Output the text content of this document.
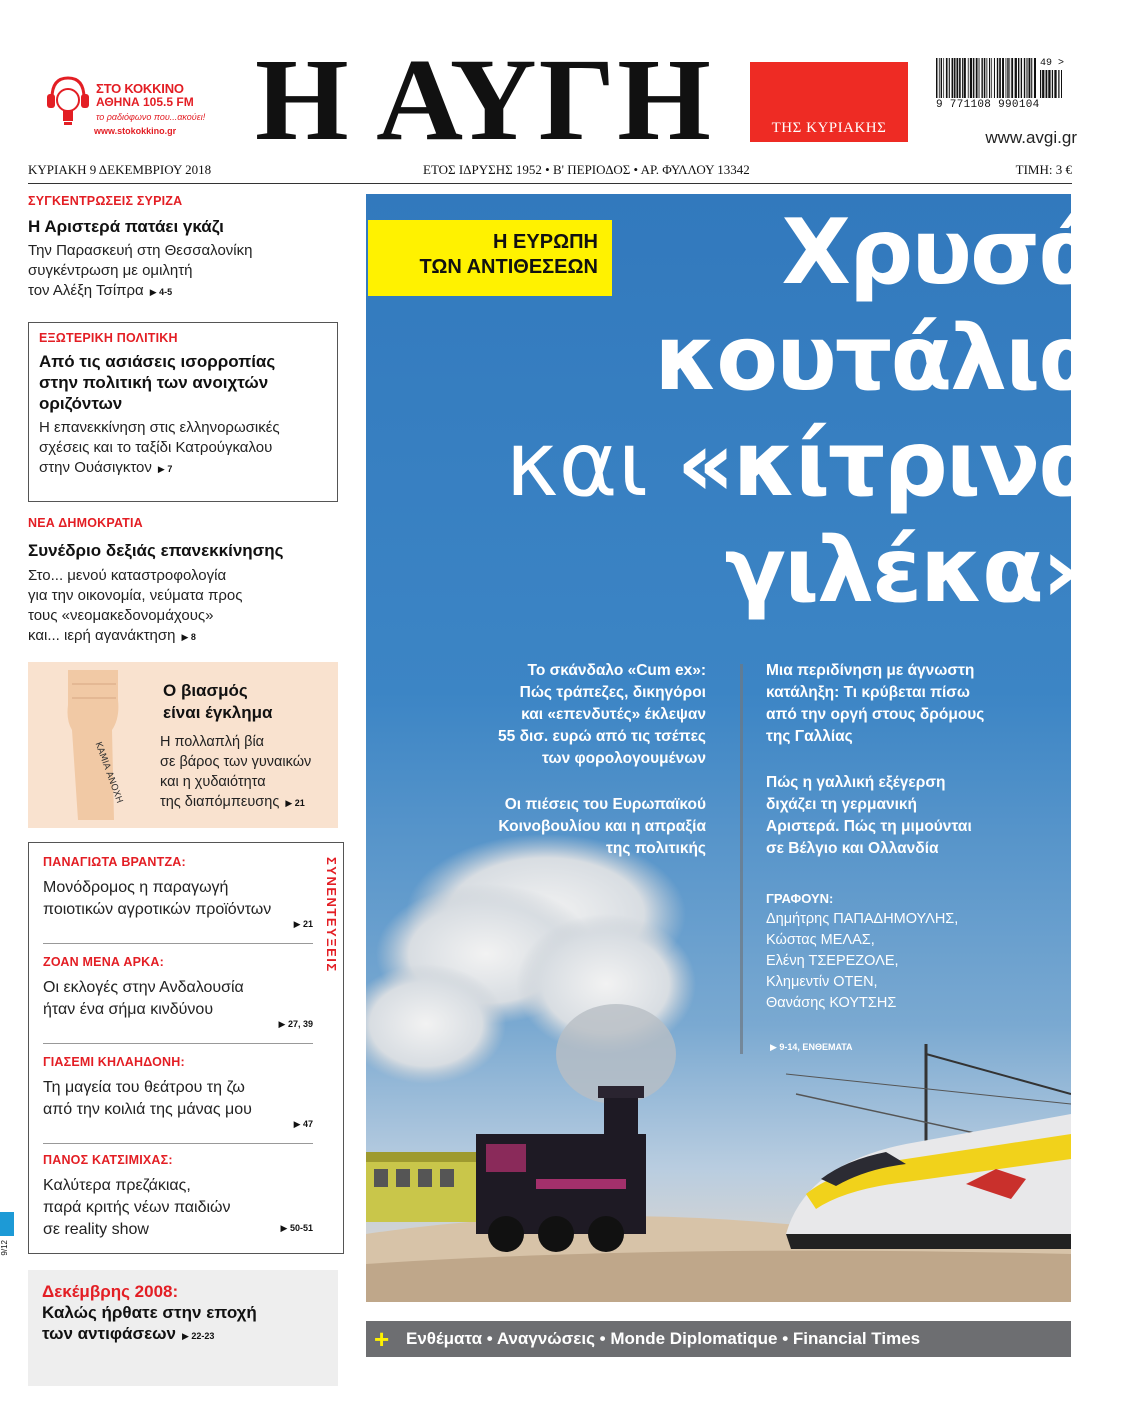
ΣΤΟ ΚΟΚΚΙΝΟ
ΑΘΗΝΑ 105.5 FM
το ραδιόφωνο που...ακούει!
www.stokokkino.gr Η ΑΥΓΗ	ΤΗΣ ΚΥΡΙΑΚΗΣ
9 771108 990104
49 >
www.avgi.gr
ΚΥΡΙΑΚΗ 9 ΔΕΚΕΜΒΡΙΟΥ 2018	ΕΤΟΣ ΙΔΡΥΣΗΣ 1952 • Β' ΠΕΡΙΟΔΟΣ • ΑΡ. ΦΥΛΛΟΥ 13342	ΤΙΜΗ: 3 €
ΣΥΓΚΕΝΤΡΩΣΕΙΣ ΣΥΡΙΖΑ
Η Αριστερά πατάει γκάζι
Την Παρασκευή στη Θεσσαλονίκη
συγκέντρωση με ομιλητή
τον Αλέξη Τσίπρα ▶ 4-5
ΕΞΩΤΕΡΙΚΗ ΠΟΛΙΤΙΚΗ
Από τις ασιάσεις ισορροπίας
στην πολιτική των ανοιχτών
οριζόντων
Η επανεκκίνηση στις ελληνορωσικές
σχέσεις και το ταξίδι Κατρούγκαλου
στην Ουάσιγκτον ▶ 7
ΝΕΑ ΔΗΜΟΚΡΑΤΙΑ
Συνέδριο δεξιάς επανεκκίνησης
Στο... μενού καταστροφολογία
για την οικονομία, νεύματα προς
τους «νεομακεδονομάχους»
και... ιερή αγανάκτηση ▶ 8
ΚΑΜΙΑ ΑΝΟΧΗ
Ο βιασμός
είναι έγκλημα
Η πολλαπλή βία
σε βάρος των γυναικών
και η χυδαιότητα
της διαπόμπευσης ▶ 21
ΣΥΝΕΝΤΕΥΞΕΙΣ
ΠΑΝΑΓΙΩΤΑ ΒΡΑΝΤΖΑ:
Μονόδρομος η παραγωγή
ποιοτικών αγροτικών προϊόντων
▶ 21
ΖΟΑΝ ΜΕΝΑ ΑΡΚΑ:
Οι εκλογές στην Ανδαλουσία
ήταν ένα σήμα κινδύνου
▶ 27, 39
ΓΙΑΣΕΜΙ ΚΗΛΑΗΔΟΝΗ:
Τη μαγεία του θεάτρου τη ζω
από την κοιλιά της μάνας μου
▶ 47
ΠΑΝΟΣ ΚΑΤΣΙΜΙΧΑΣ:
Καλύτερα πρεζάκιας,
παρά κριτής νέων παιδιών
σε reality show	▶ 50-51
Δεκέμβρης 2008:
Καλώς ήρθατε στην εποχή
των αντιφάσεων ▶ 22-23
9/12
Η ΕΥΡΩΠΗ
ΤΩΝ ΑΝΤΙΘΕΣΕΩΝ	Χρυσά
κουτάλια
και «κίτρινα
γιλέκα»
Το σκάνδαλο «Cum ex»:
Πώς τράπεζες, δικηγόροι
και «επενδυτές» έκλεψαν
55 δισ. ευρώ από τις τσέπες
των φορολογουμένων
Οι πιέσεις του Ευρωπαϊκού
Κοινοβουλίου και η απραξία
της πολιτικής
Μια περιδίνηση με άγνωστη
κατάληξη: Τι κρύβεται πίσω
από την οργή στους δρόμους
της Γαλλίας
Πώς η γαλλική εξέγερση
διχάζει τη γερμανική
Αριστερά. Πώς τη μιμούνται
σε Βέλγιο και Ολλανδία
ΓΡΑΦΟΥΝ:
Δημήτρης ΠΑΠΑΔΗΜΟΥΛΗΣ,
Κώστας ΜΕΛΑΣ,
Ελένη ΤΣΕΡΕΖΟΛΕ,
Κλημεντίν ΟΤΕΝ,
Θανάσης ΚΟΥΤΣΗΣ
▶ 9-14, ΕΝΘΕΜΑΤΑ
+ Ενθέματα • Αναγνώσεις • Monde Diplomatique • Financial Times
